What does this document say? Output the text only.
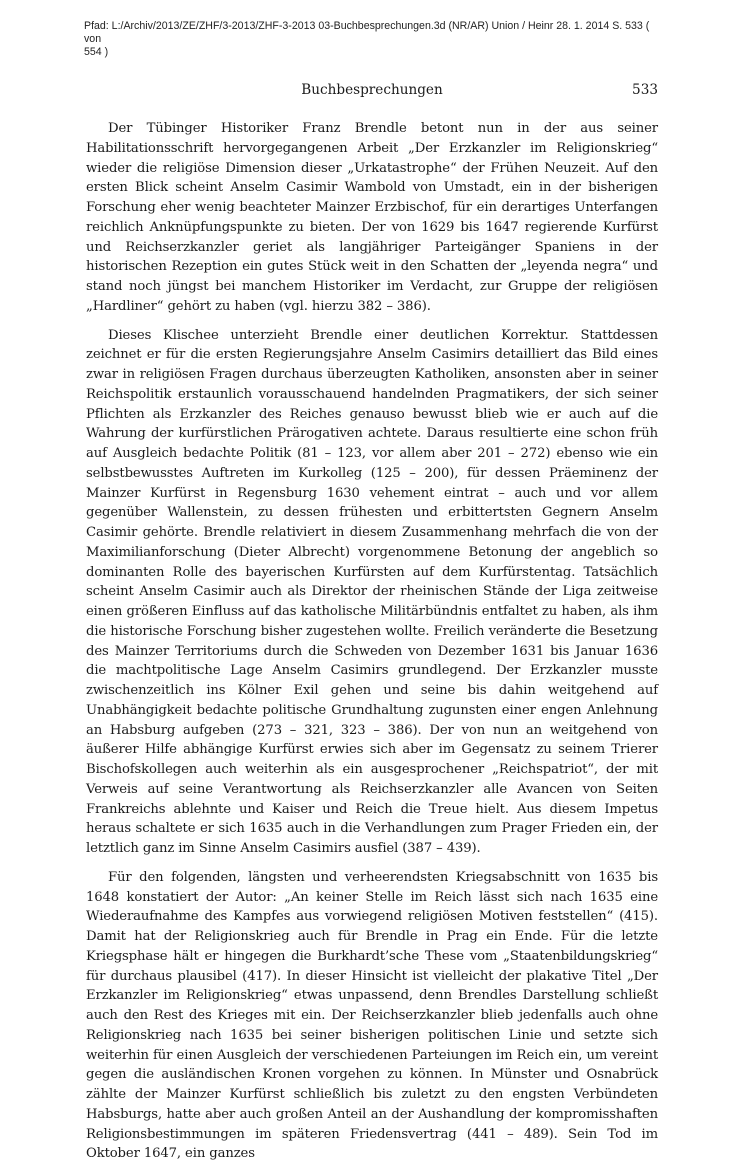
Pfad: L:/Archiv/2013/ZE/ZHF/3-2013/ZHF-3-2013 03-Buchbesprechungen.3d (NR/AR) Union / Heinr 28. 1. 2014 S. 533 ( von
554 )
Buchbesprechungen	533

Der Tübinger Historiker Franz Brendle betont nun in der aus seiner Habilitationsschrift hervorgegangenen Arbeit „Der Erzkanzler im Religionskrieg“ wieder die religiöse Dimension dieser „Urkatastrophe“ der Frühen Neuzeit. Auf den ersten Blick scheint Anselm Casimir Wambold von Umstadt, ein in der bisherigen Forschung eher wenig beachteter Mainzer Erzbischof, für ein derartiges Unterfangen reichlich Anknüpfungspunkte zu bieten. Der von 1629 bis 1647 regierende Kurfürst und Reichserzkanzler geriet als langjähriger Parteigänger Spaniens in der historischen Rezeption ein gutes Stück weit in den Schatten der „leyenda negra“ und stand noch jüngst bei manchem Historiker im Verdacht, zur Gruppe der religiösen „Hardliner“ gehört zu haben (vgl. hierzu 382 – 386).

Dieses Klischee unterzieht Brendle einer deutlichen Korrektur. Stattdessen zeichnet er für die ersten Regierungsjahre Anselm Casimirs detailliert das Bild eines zwar in religiösen Fragen durchaus überzeugten Katholiken, ansonsten aber in seiner Reichspolitik erstaunlich vorausschauend handelnden Pragmatikers, der sich seiner Pflichten als Erzkanzler des Reiches genauso bewusst blieb wie er auch auf die Wahrung der kurfürstlichen Prärogativen achtete. Daraus resultierte eine schon früh auf Ausgleich bedachte Politik (81 – 123, vor allem aber 201 – 272) ebenso wie ein selbstbewusstes Auftreten im Kurkolleg (125 – 200), für dessen Präeminenz der Mainzer Kurfürst in Regensburg 1630 vehement eintrat – auch und vor allem gegenüber Wallenstein, zu dessen frühesten und erbittertsten Gegnern Anselm Casimir gehörte. Brendle relativiert in diesem Zusammenhang mehrfach die von der Maximilianforschung (Dieter Albrecht) vorgenommene Betonung der angeblich so dominanten Rolle des bayerischen Kurfürsten auf dem Kurfürstentag. Tatsächlich scheint Anselm Casimir auch als Direktor der rheinischen Stände der Liga zeitweise einen größeren Einfluss auf das katholische Militärbündnis entfaltet zu haben, als ihm die historische Forschung bisher zugestehen wollte. Freilich veränderte die Besetzung des Mainzer Territoriums durch die Schweden von Dezember 1631 bis Januar 1636 die machtpolitische Lage Anselm Casimirs grundlegend. Der Erzkanzler musste zwischenzeitlich ins Kölner Exil gehen und seine bis dahin weitgehend auf Unabhängigkeit bedachte politische Grundhaltung zugunsten einer engen Anlehnung an Habsburg aufgeben (273 – 321, 323 – 386). Der von nun an weitgehend von äußerer Hilfe abhängige Kurfürst erwies sich aber im Gegensatz zu seinem Trierer Bischofskollegen auch weiterhin als ein ausgesprochener „Reichspatriot“, der mit Verweis auf seine Verantwortung als Reichserzkanzler alle Avancen von Seiten Frankreichs ablehnte und Kaiser und Reich die Treue hielt. Aus diesem Impetus heraus schaltete er sich 1635 auch in die Verhandlungen zum Prager Frieden ein, der letztlich ganz im Sinne Anselm Casimirs ausfiel (387 – 439).

Für den folgenden, längsten und verheerendsten Kriegsabschnitt von 1635 bis 1648 konstatiert der Autor: „An keiner Stelle im Reich lässt sich nach 1635 eine Wiederaufnahme des Kampfes aus vorwiegend religiösen Motiven feststellen“ (415). Damit hat der Religionskrieg auch für Brendle in Prag ein Ende. Für die letzte Kriegsphase hält er hingegen die Burkhardt’sche These vom „Staatenbildungskrieg“ für durchaus plausibel (417). In dieser Hinsicht ist vielleicht der plakative Titel „Der Erzkanzler im Religionskrieg“ etwas unpassend, denn Brendles Darstellung schließt auch den Rest des Krieges mit ein. Der Reichserzkanzler blieb jedenfalls auch ohne Religionskrieg nach 1635 bei seiner bisherigen politischen Linie und setzte sich weiterhin für einen Ausgleich der verschiedenen Parteiungen im Reich ein, um vereint gegen die ausländischen Kronen vorgehen zu können. In Münster und Osnabrück zählte der Mainzer Kurfürst schließlich bis zuletzt zu den engsten Verbündeten Habsburgs, hatte aber auch großen Anteil an der Aushandlung der kompromisshaften Religionsbestimmungen im späteren Friedensvertrag (441 – 489). Sein Tod im Oktober 1647, ein ganzes
